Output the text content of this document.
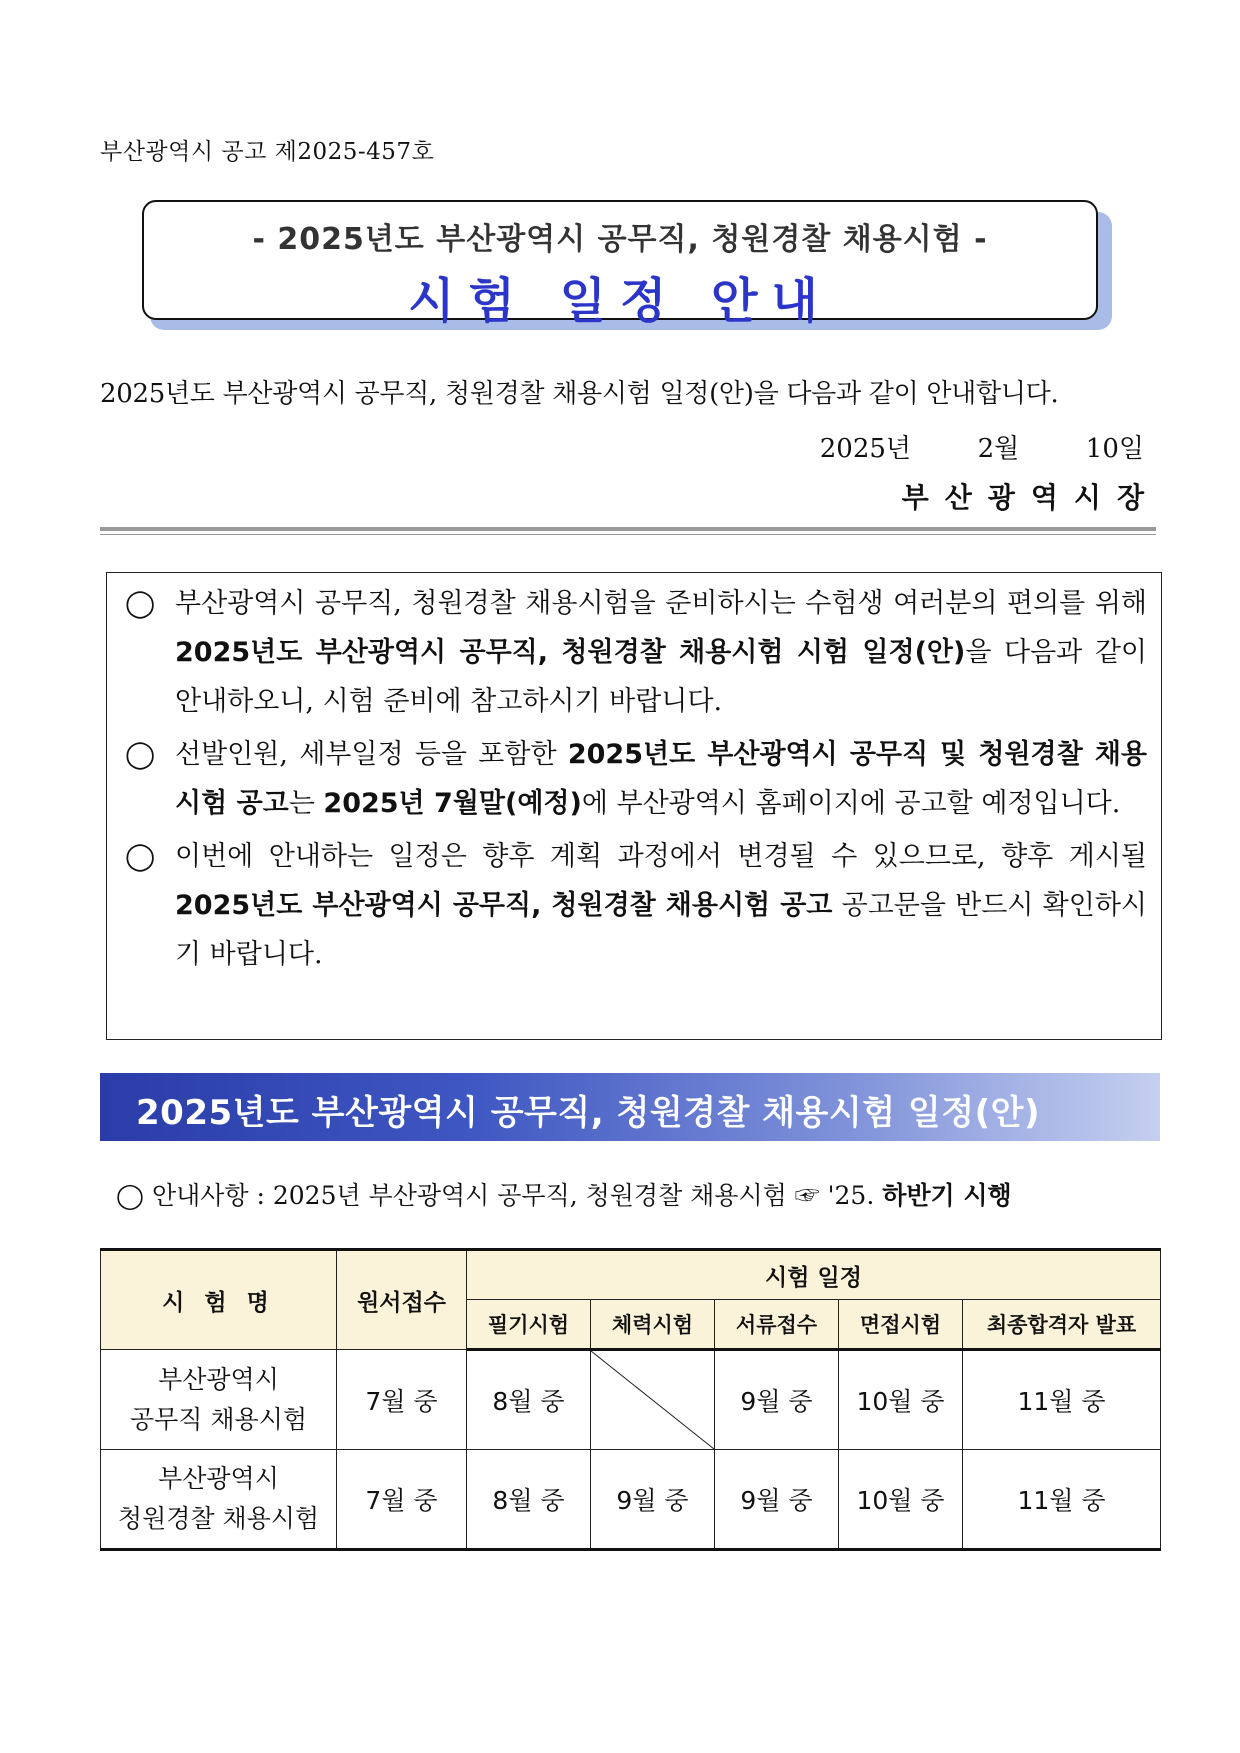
부산광역시 공고 제2025-457호
- 2025년도 부산광역시 공무직, 청원경찰 채용시험 -
시험 일정 안내
2025년도 부산광역시 공무직, 청원경찰 채용시험 일정(안)을 다음과 같이 안내합니다.
2025년	2월	10일
부산광역시장
◯ 부산광역시 공무직, 청원경찰 채용시험을 준비하시는 수험생 여러분의 편의를 위해 2025년도 부산광역시 공무직, 청원경찰 채용시험 시험 일정(안)을 다음과 같이 안내하오니, 시험 준비에 참고하시기 바랍니다.
◯ 선발인원, 세부일정 등을 포함한 2025년도 부산광역시 공무직 및 청원경찰 채용시험 공고는 2025년 7월말(예정)에 부산광역시 홈페이지에 공고할 예정입니다.
◯ 이번에 안내하는 일정은 향후 계획 과정에서 변경될 수 있으므로, 향후 게시될 2025년도 부산광역시 공무직, 청원경찰 채용시험 공고 공고문을 반드시 확인하시기 바랍니다.
2025년도 부산광역시 공무직, 청원경찰 채용시험 일정(안)
◯ 안내사항 : 2025년 부산광역시 공무직, 청원경찰 채용시험 ☞ '25. 하반기 시행
시 험 명	원서접수	시험 일정				
		필기시험	체력시험	서류접수	면접시험	최종합격자 발표

부산광역시
공무직 채용시험	7월 중	8월 중		9월 중	10월 중	11월 중

부산광역시
청원경찰 채용시험	7월 중	8월 중	9월 중	9월 중	10월 중	11월 중
